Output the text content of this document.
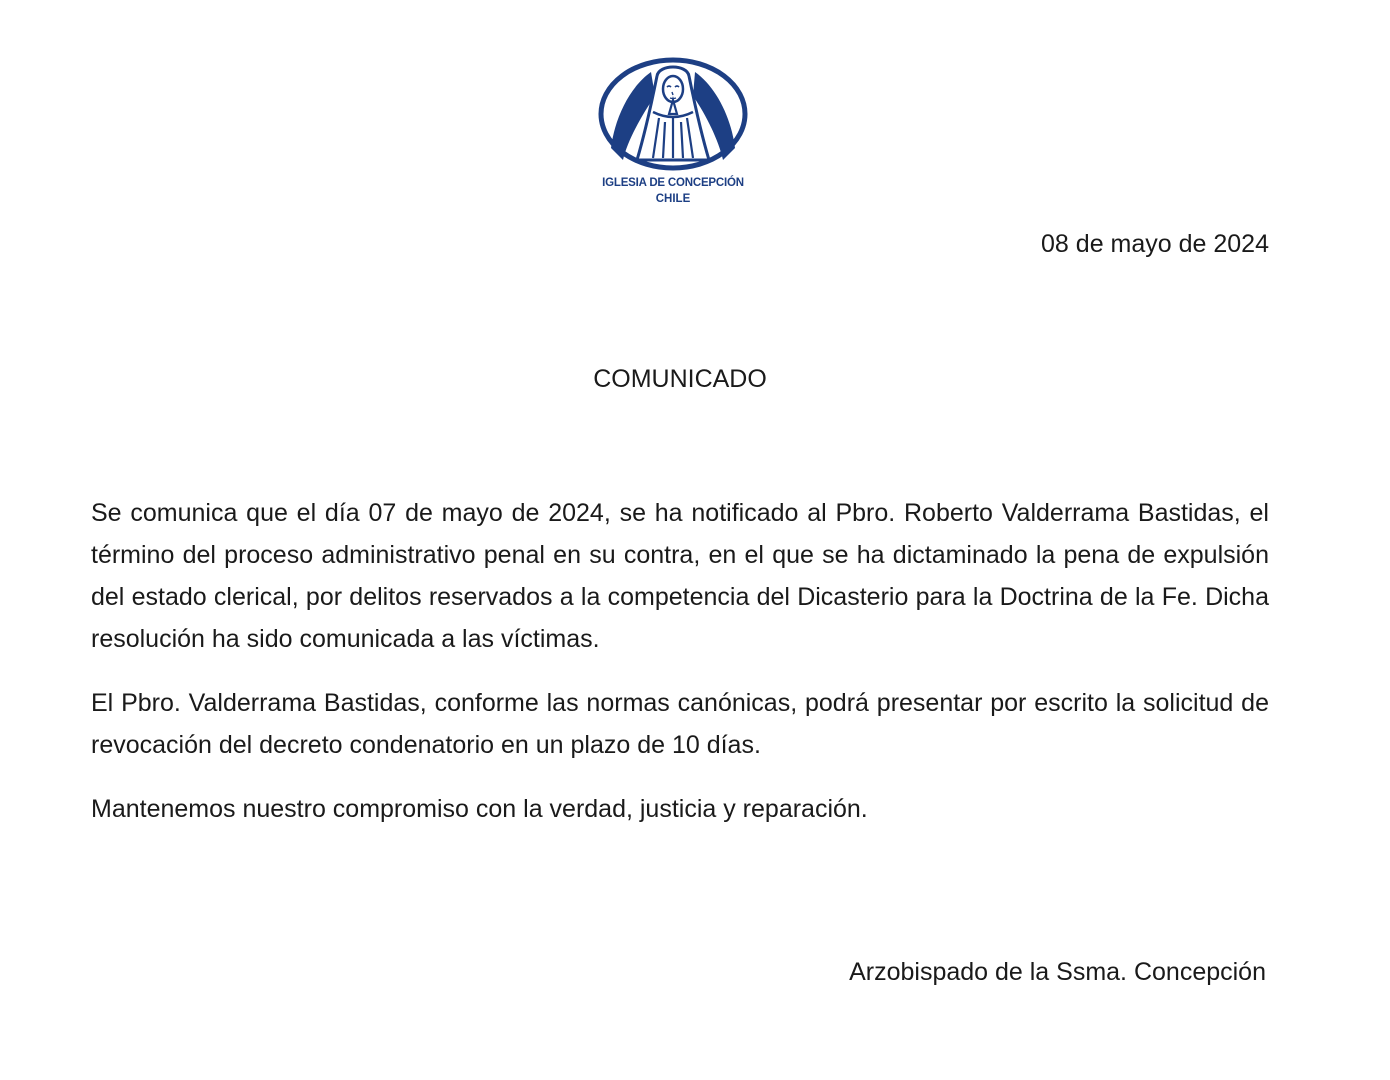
IGLESIA DE CONCEPCIÓN
CHILE
08 de mayo de 2024
COMUNICADO

Se comunica que el día 07 de mayo de 2024, se ha notificado al Pbro. Roberto Valderrama Bastidas, el término del proceso administrativo penal en su contra, en el que se ha dictaminado la pena de expulsión del estado clerical, por delitos reservados a la competencia del Dicasterio para la Doctrina de la Fe. Dicha resolución ha sido comunicada a las víctimas.

El Pbro. Valderrama Bastidas, conforme las normas canónicas, podrá presentar por escrito la solicitud de revocación del decreto condenatorio en un plazo de 10 días.

Mantenemos nuestro compromiso con la verdad, justicia y reparación.

Arzobispado de la Ssma. Concepción
